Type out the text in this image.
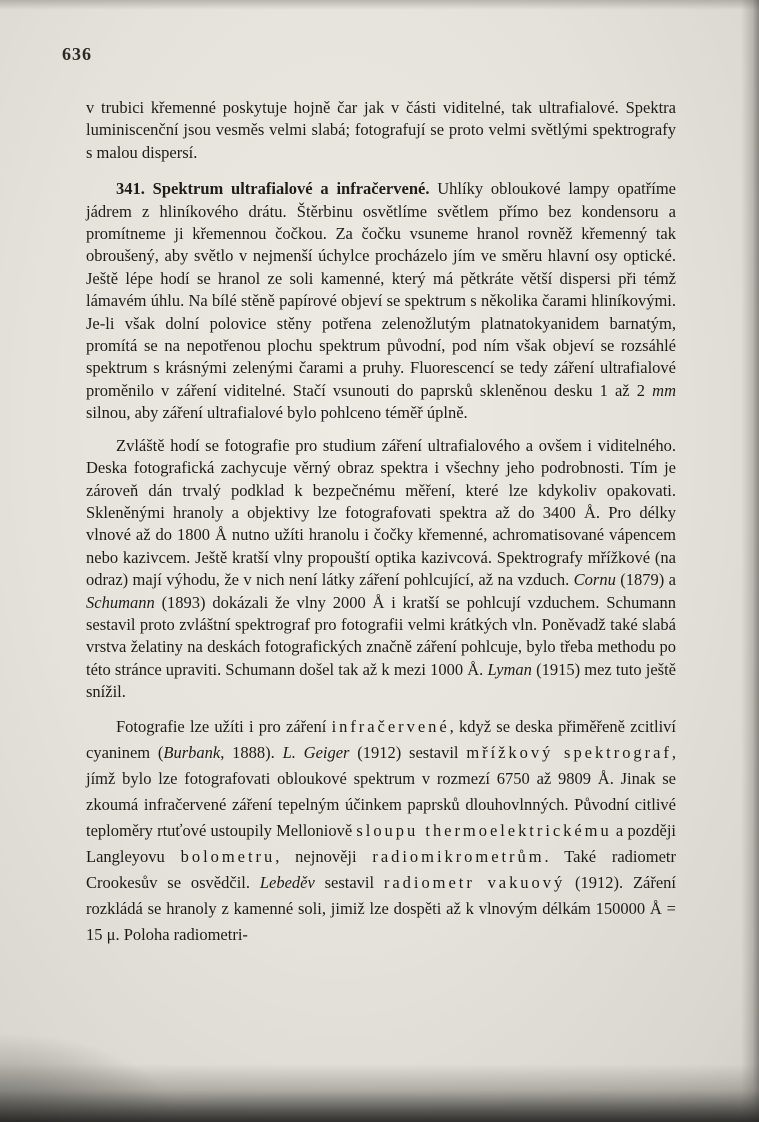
636

v trubici křemenné poskytuje hojně čar jak v části viditelné, tak ultrafialové. Spektra luminiscenční jsou vesměs velmi slabá; fotografují se proto velmi světlými spektrografy s malou dispersí.

341. Spektrum ultrafialové a infračervené. Uhlíky obloukové lampy opatříme jádrem z hliníkového drátu. Štěrbinu osvětlíme světlem přímo bez kondensoru a promítneme ji křemennou čočkou. Za čočku vsuneme hranol rovněž křemenný tak obroušený, aby světlo v nejmenší úchylce procházelo jím ve směru hlavní osy optické. Ještě lépe hodí se hranol ze soli kamenné, který má pětkráte větší dispersi při témž lámavém úhlu. Na bílé stěně papírové objeví se spektrum s několika čarami hliníkovými. Je-li však dolní polovice stěny potřena zelenožlutým platnatokyanidem barnatým, promítá se na nepotřenou plochu spektrum původní, pod ním však objeví se rozsáhlé spektrum s krásnými zelenými čarami a pruhy. Fluorescencí se tedy záření ultrafialové proměnilo v záření viditelné. Stačí vsunouti do paprsků skleněnou desku 1 až 2 mm silnou, aby záření ultrafialové bylo pohlceno téměř úplně.

Zvláště hodí se fotografie pro studium záření ultrafialového a ovšem i viditelného. Deska fotografická zachycuje věrný obraz spektra i všechny jeho podrobnosti. Tím je zároveň dán trvalý podklad k bezpečnému měření, které lze kdykoliv opakovati. Skleněnými hranoly a objektivy lze fotografovati spektra až do 3400 Å. Pro délky vlnové až do 1800 Å nutno užíti hranolu i čočky křemenné, achromatisované vápencem nebo kazivcem. Ještě kratší vlny propouští optika kazivcová. Spektrografy mřížkové (na odraz) mají výhodu, že v nich není látky záření pohlcující, až na vzduch. Cornu (1879) a Schumann (1893) dokázali že vlny 2000 Å i kratší se pohlcují vzduchem. Schumann sestavil proto zvláštní spektrograf pro fotografii velmi krátkých vln. Poněvadž také slabá vrstva želatiny na deskách fotografických značně záření pohlcuje, bylo třeba methodu po této stránce upraviti. Schumann došel tak až k mezi 1000 Å. Lyman (1915) mez tuto ještě snížil.

Fotografie lze užíti i pro záření infračervené, když se deska přiměřeně zcitliví cyaninem (Burbank, 1888). L. Geiger (1912) sestavil mřížkový spektrograf, jímž bylo lze fotografovati obloukové spektrum v rozmezí 6750 až 9809 Å. Jinak se zkoumá infračervené záření tepelným účinkem paprsků dlouhovlnných. Původní citlivé teploměry rtuťové ustoupily Melloniově sloupu thermoelektrickému a později Langleyovu bolometru, nejnověji radiomikrometrům. Také radiometr Crookesův se osvědčil. Lebeděv sestavil radiometr vakuový (1912). Záření rozkládá se hranoly z kamenné soli, jimiž lze dospěti až k vlnovým délkám 150000 Å = 15 μ. Poloha radiometri-
